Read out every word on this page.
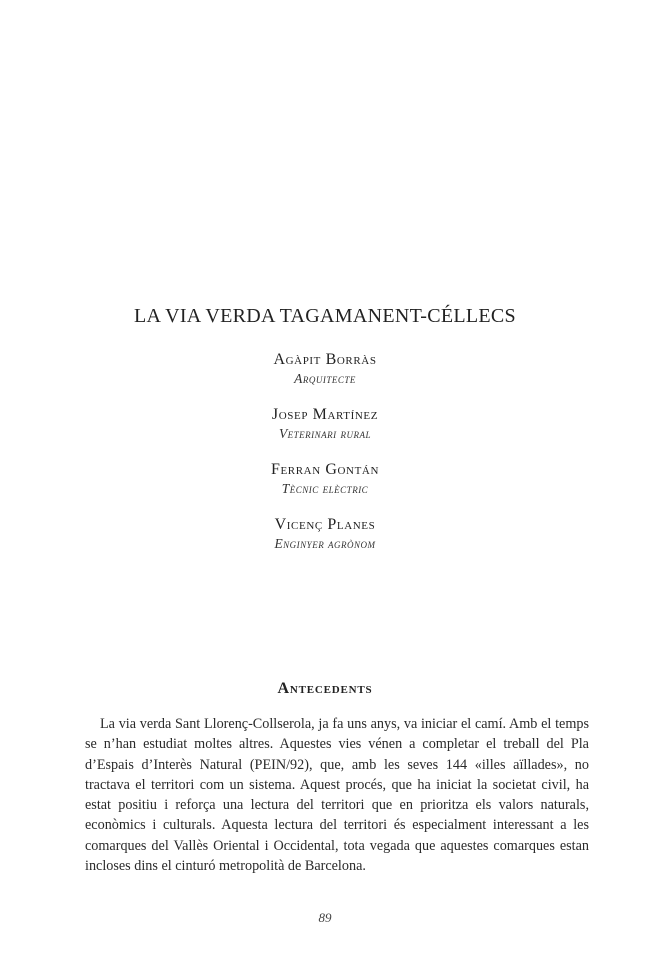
LA VIA VERDA TAGAMANENT-CÉLLECS
Agàpit Borràs
Arquitecte
Josep Martínez
Veterinari rural
Ferran Gontán
Tècnic elèctric
Vicenç Planes
Enginyer agrònom
Antecedents

La via verda Sant Llorenç-Collserola, ja fa uns anys, va iniciar el camí. Amb el temps se n’han estudiat moltes altres. Aquestes vies vénen a completar el treball del Pla d’Espais d’Interès Natural (PEIN/92), que, amb les seves 144 «illes aïllades», no tractava el territori com un sistema. Aquest procés, que ha iniciat la societat civil, ha estat positiu i reforça una lectura del territori que en prioritza els valors naturals, econòmics i culturals. Aquesta lectura del territori és especialment interessant a les comarques del Vallès Oriental i Occidental, tota vegada que aquestes comarques estan incloses dins el cinturó metropolità de Barcelona.

89
